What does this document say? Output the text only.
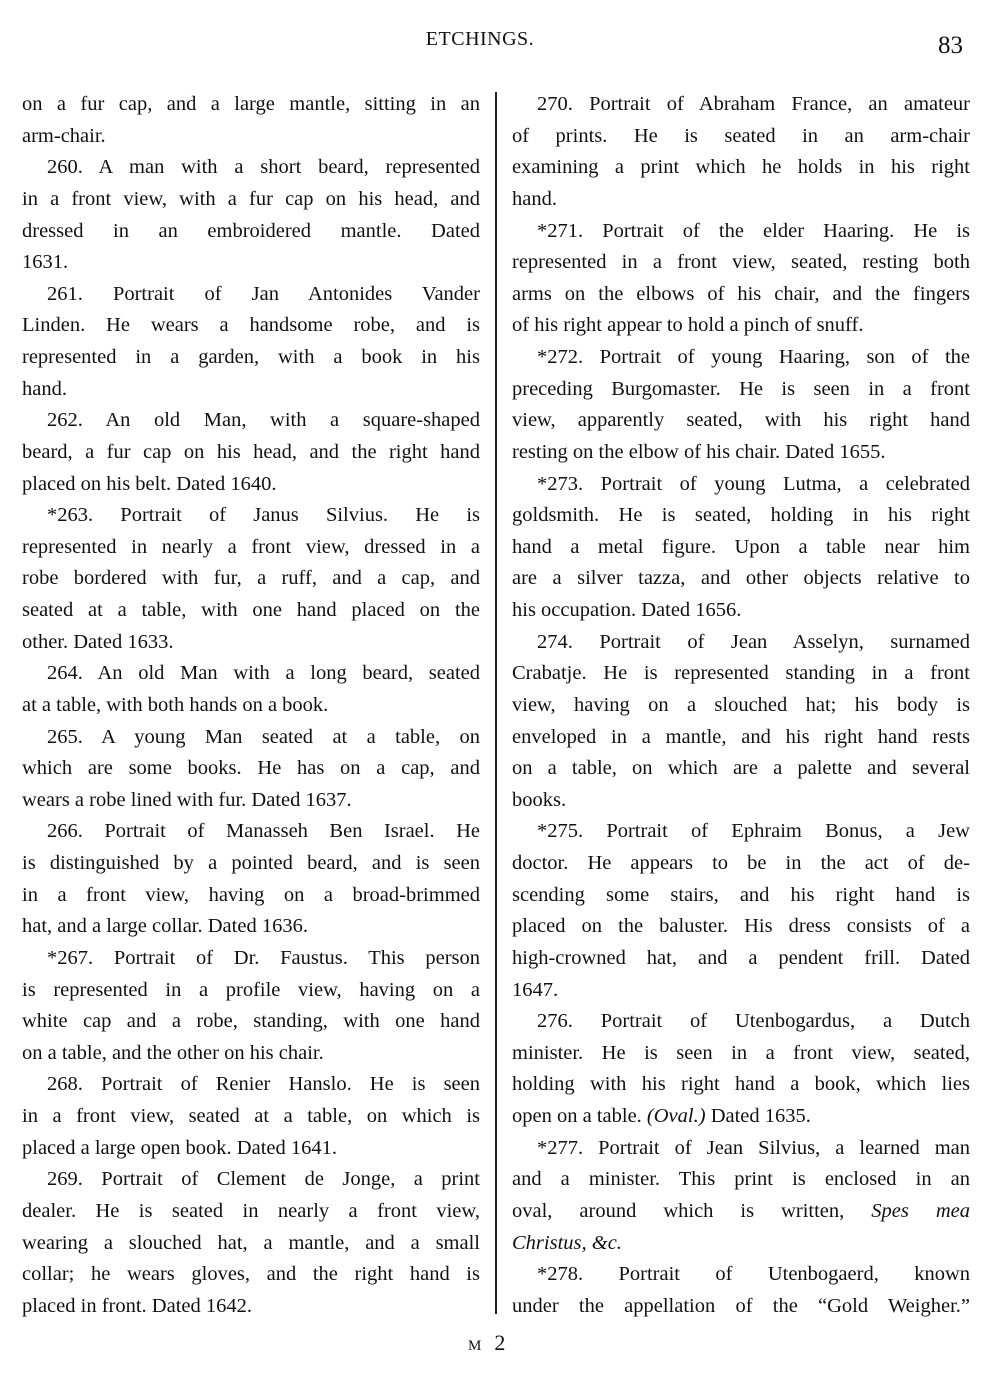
ETCHINGS.	83
on a fur cap, and a large mantle, sitting in an
arm-chair.
260. A man with a short beard, represented
in a front view, with a fur cap on his head, and
dressed in an embroidered mantle. Dated
1631.
261. Portrait of Jan Antonides Vander
Linden. He wears a handsome robe, and is
represented in a garden, with a book in his
hand.
262. An old Man, with a square-shaped
beard, a fur cap on his head, and the right hand
placed on his belt. Dated 1640.
*263. Portrait of Janus Silvius. He is
represented in nearly a front view, dressed in a
robe bordered with fur, a ruff, and a cap, and
seated at a table, with one hand placed on the
other. Dated 1633.
264. An old Man with a long beard, seated
at a table, with both hands on a book.
265. A young Man seated at a table, on
which are some books. He has on a cap, and
wears a robe lined with fur. Dated 1637.
266. Portrait of Manasseh Ben Israel. He
is distinguished by a pointed beard, and is seen
in a front view, having on a broad-brimmed
hat, and a large collar. Dated 1636.
*267. Portrait of Dr. Faustus. This person
is represented in a profile view, having on a
white cap and a robe, standing, with one hand
on a table, and the other on his chair.
268. Portrait of Renier Hanslo. He is seen
in a front view, seated at a table, on which is
placed a large open book. Dated 1641.
269. Portrait of Clement de Jonge, a print
dealer. He is seated in nearly a front view,
wearing a slouched hat, a mantle, and a small
collar; he wears gloves, and the right hand is
placed in front. Dated 1642.
270. Portrait of Abraham France, an amateur
of prints. He is seated in an arm-chair
examining a print which he holds in his right
hand.
*271. Portrait of the elder Haaring. He is
represented in a front view, seated, resting both
arms on the elbows of his chair, and the fingers
of his right appear to hold a pinch of snuff.
*272. Portrait of young Haaring, son of the
preceding Burgomaster. He is seen in a front
view, apparently seated, with his right hand
resting on the elbow of his chair. Dated 1655.
*273. Portrait of young Lutma, a celebrated
goldsmith. He is seated, holding in his right
hand a metal figure. Upon a table near him
are a silver tazza, and other objects relative to
his occupation. Dated 1656.
274. Portrait of Jean Asselyn, surnamed
Crabatje. He is represented standing in a front
view, having on a slouched hat; his body is
enveloped in a mantle, and his right hand rests
on a table, on which are a palette and several
books.
*275. Portrait of Ephraim Bonus, a Jew
doctor. He appears to be in the act of de-
scending some stairs, and his right hand is
placed on the baluster. His dress consists of a
high-crowned hat, and a pendent frill. Dated
1647.
276. Portrait of Utenbogardus, a Dutch
minister. He is seen in a front view, seated,
holding with his right hand a book, which lies
open on a table. (Oval.) Dated 1635.
*277. Portrait of Jean Silvius, a learned man
and a minister. This print is enclosed in an
oval, around which is written, Spes mea
Christus, &c.
*278. Portrait of Utenbogaerd, known
under the appellation of the “Gold Weigher.”
M 2
